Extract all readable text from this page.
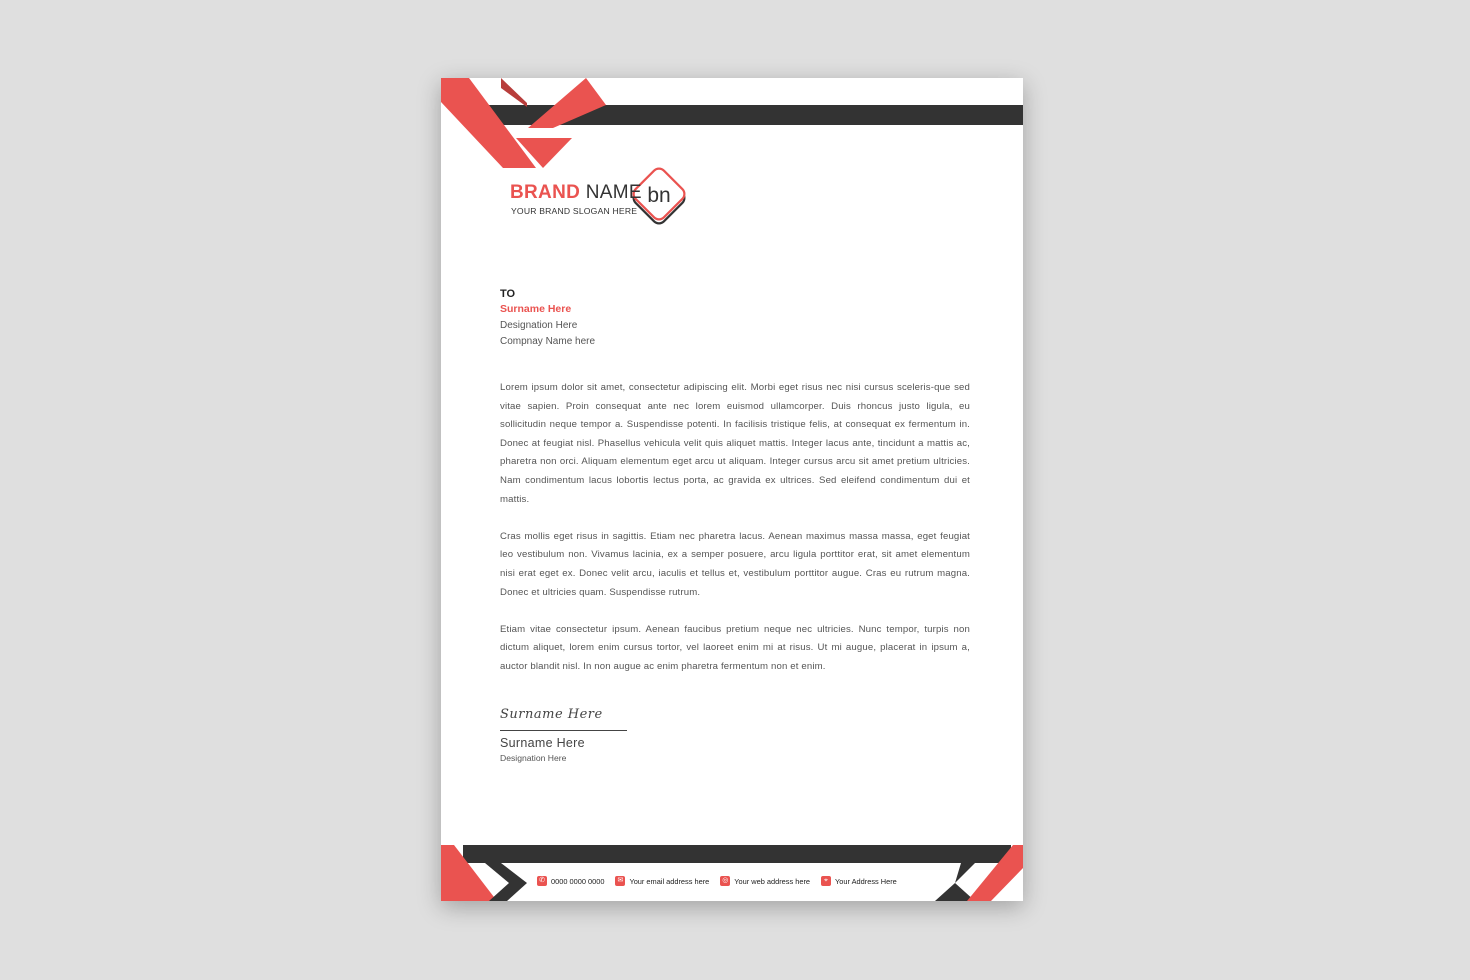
bn
BRAND NAME
YOUR BRAND SLOGAN HERE
TO
Surname Here
Designation Here
Compnay Name here

Lorem ipsum dolor sit amet, consectetur adipiscing elit. Morbi eget risus nec nisi cursus sceleris-que sed vitae sapien. Proin consequat ante nec lorem euismod ullamcorper. Duis rhoncus justo ligula, eu sollicitudin neque tempor a. Suspendisse potenti. In facilisis tristique felis, at consequat ex fermentum in. Donec at feugiat nisl. Phasellus vehicula velit quis aliquet mattis. Integer lacus ante, tincidunt a mattis ac, pharetra non orci. Aliquam elementum eget arcu ut aliquam. Integer cursus arcu sit amet pretium ultricies. Nam condimentum lacus lobortis lectus porta, ac gravida ex ultrices. Sed eleifend condimentum dui et mattis.

Cras mollis eget risus in sagittis. Etiam nec pharetra lacus. Aenean maximus massa massa, eget feugiat leo vestibulum non. Vivamus lacinia, ex a semper posuere, arcu ligula porttitor erat, sit amet elementum nisi erat eget ex. Donec velit arcu, iaculis et tellus et, vestibulum porttitor augue. Cras eu rutrum magna. Donec et ultricies quam. Suspendisse rutrum.

Etiam vitae consectetur ipsum. Aenean faucibus pretium neque nec ultricies. Nunc tempor, turpis non dictum aliquet, lorem enim cursus tortor, vel laoreet enim mi at risus. Ut mi augue, placerat in ipsum a, auctor blandit nisl. In non augue ac enim pharetra fermentum non et enim.

Surname Here
Surname Here
Designation Here
✆ 0000 0000 0000 ✉ Your email address here ◎ Your web address here	⌖ Your Address Here
